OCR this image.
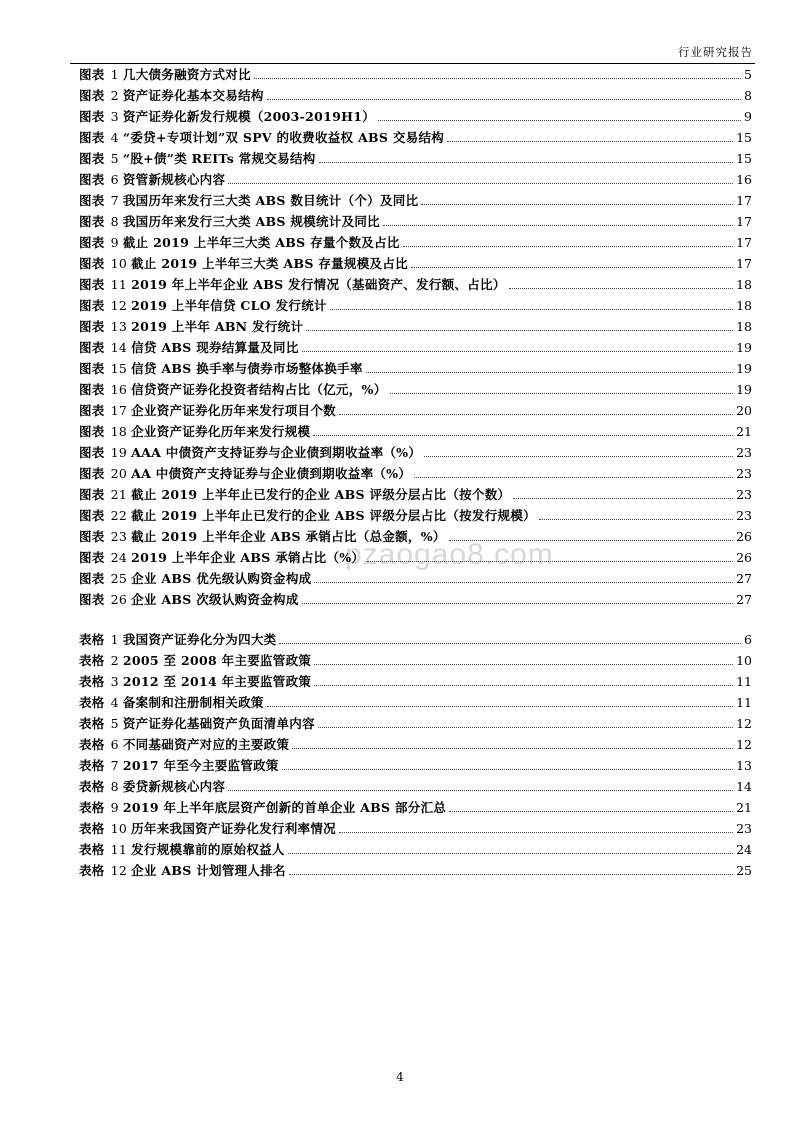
行业研究报告
pzaogao8.com
图表 1 几大债务融资方式对比	5
图表 2 资产证券化基本交易结构	8
图表 3 资产证券化新发行规模（2003-2019H1）	9
图表 4 “委贷+专项计划”双 SPV 的收费收益权 ABS 交易结构	15
图表 5 “股+债”类 REITs 常规交易结构	15
图表 6 资管新规核心内容	16
图表 7 我国历年来发行三大类 ABS 数目统计（个）及同比	17
图表 8 我国历年来发行三大类 ABS 规模统计及同比	17
图表 9 截止 2019 上半年三大类 ABS 存量个数及占比	17
图表 10 截止 2019 上半年三大类 ABS 存量规模及占比	17
图表 11 2019 年上半年企业 ABS 发行情况（基础资产、发行额、占比）	18
图表 12 2019 上半年信贷 CLO 发行统计	18
图表 13 2019 上半年 ABN 发行统计	18
图表 14 信贷 ABS 现券结算量及同比	19
图表 15 信贷 ABS 换手率与债券市场整体换手率	19
图表 16 信贷资产证券化投资者结构占比（亿元，%）	19
图表 17 企业资产证券化历年来发行项目个数	20
图表 18 企业资产证券化历年来发行规模	21
图表 19 AAA 中债资产支持证券与企业债到期收益率（%）	23
图表 20 AA 中债资产支持证券与企业债到期收益率（%）	23
图表 21 截止 2019 上半年止已发行的企业 ABS 评级分层占比（按个数）	23
图表 22 截止 2019 上半年止已发行的企业 ABS 评级分层占比（按发行规模）	23
图表 23 截止 2019 上半年企业 ABS 承销占比（总金额，%）	26
图表 24 2019 上半年企业 ABS 承销占比（%）	26
图表 25 企业 ABS 优先级认购资金构成	27
图表 26 企业 ABS 次级认购资金构成	27
表格 1 我国资产证券化分为四大类	6
表格 2 2005 至 2008 年主要监管政策	10
表格 3 2012 至 2014 年主要监管政策	11
表格 4 备案制和注册制相关政策	11
表格 5 资产证券化基础资产负面清单内容	12
表格 6 不同基础资产对应的主要政策	12
表格 7 2017 年至今主要监管政策	13
表格 8 委贷新规核心内容	14
表格 9 2019 年上半年底层资产创新的首单企业 ABS 部分汇总	21
表格 10 历年来我国资产证券化发行利率情况	23
表格 11 发行规模靠前的原始权益人	24
表格 12 企业 ABS 计划管理人排名	25
4
